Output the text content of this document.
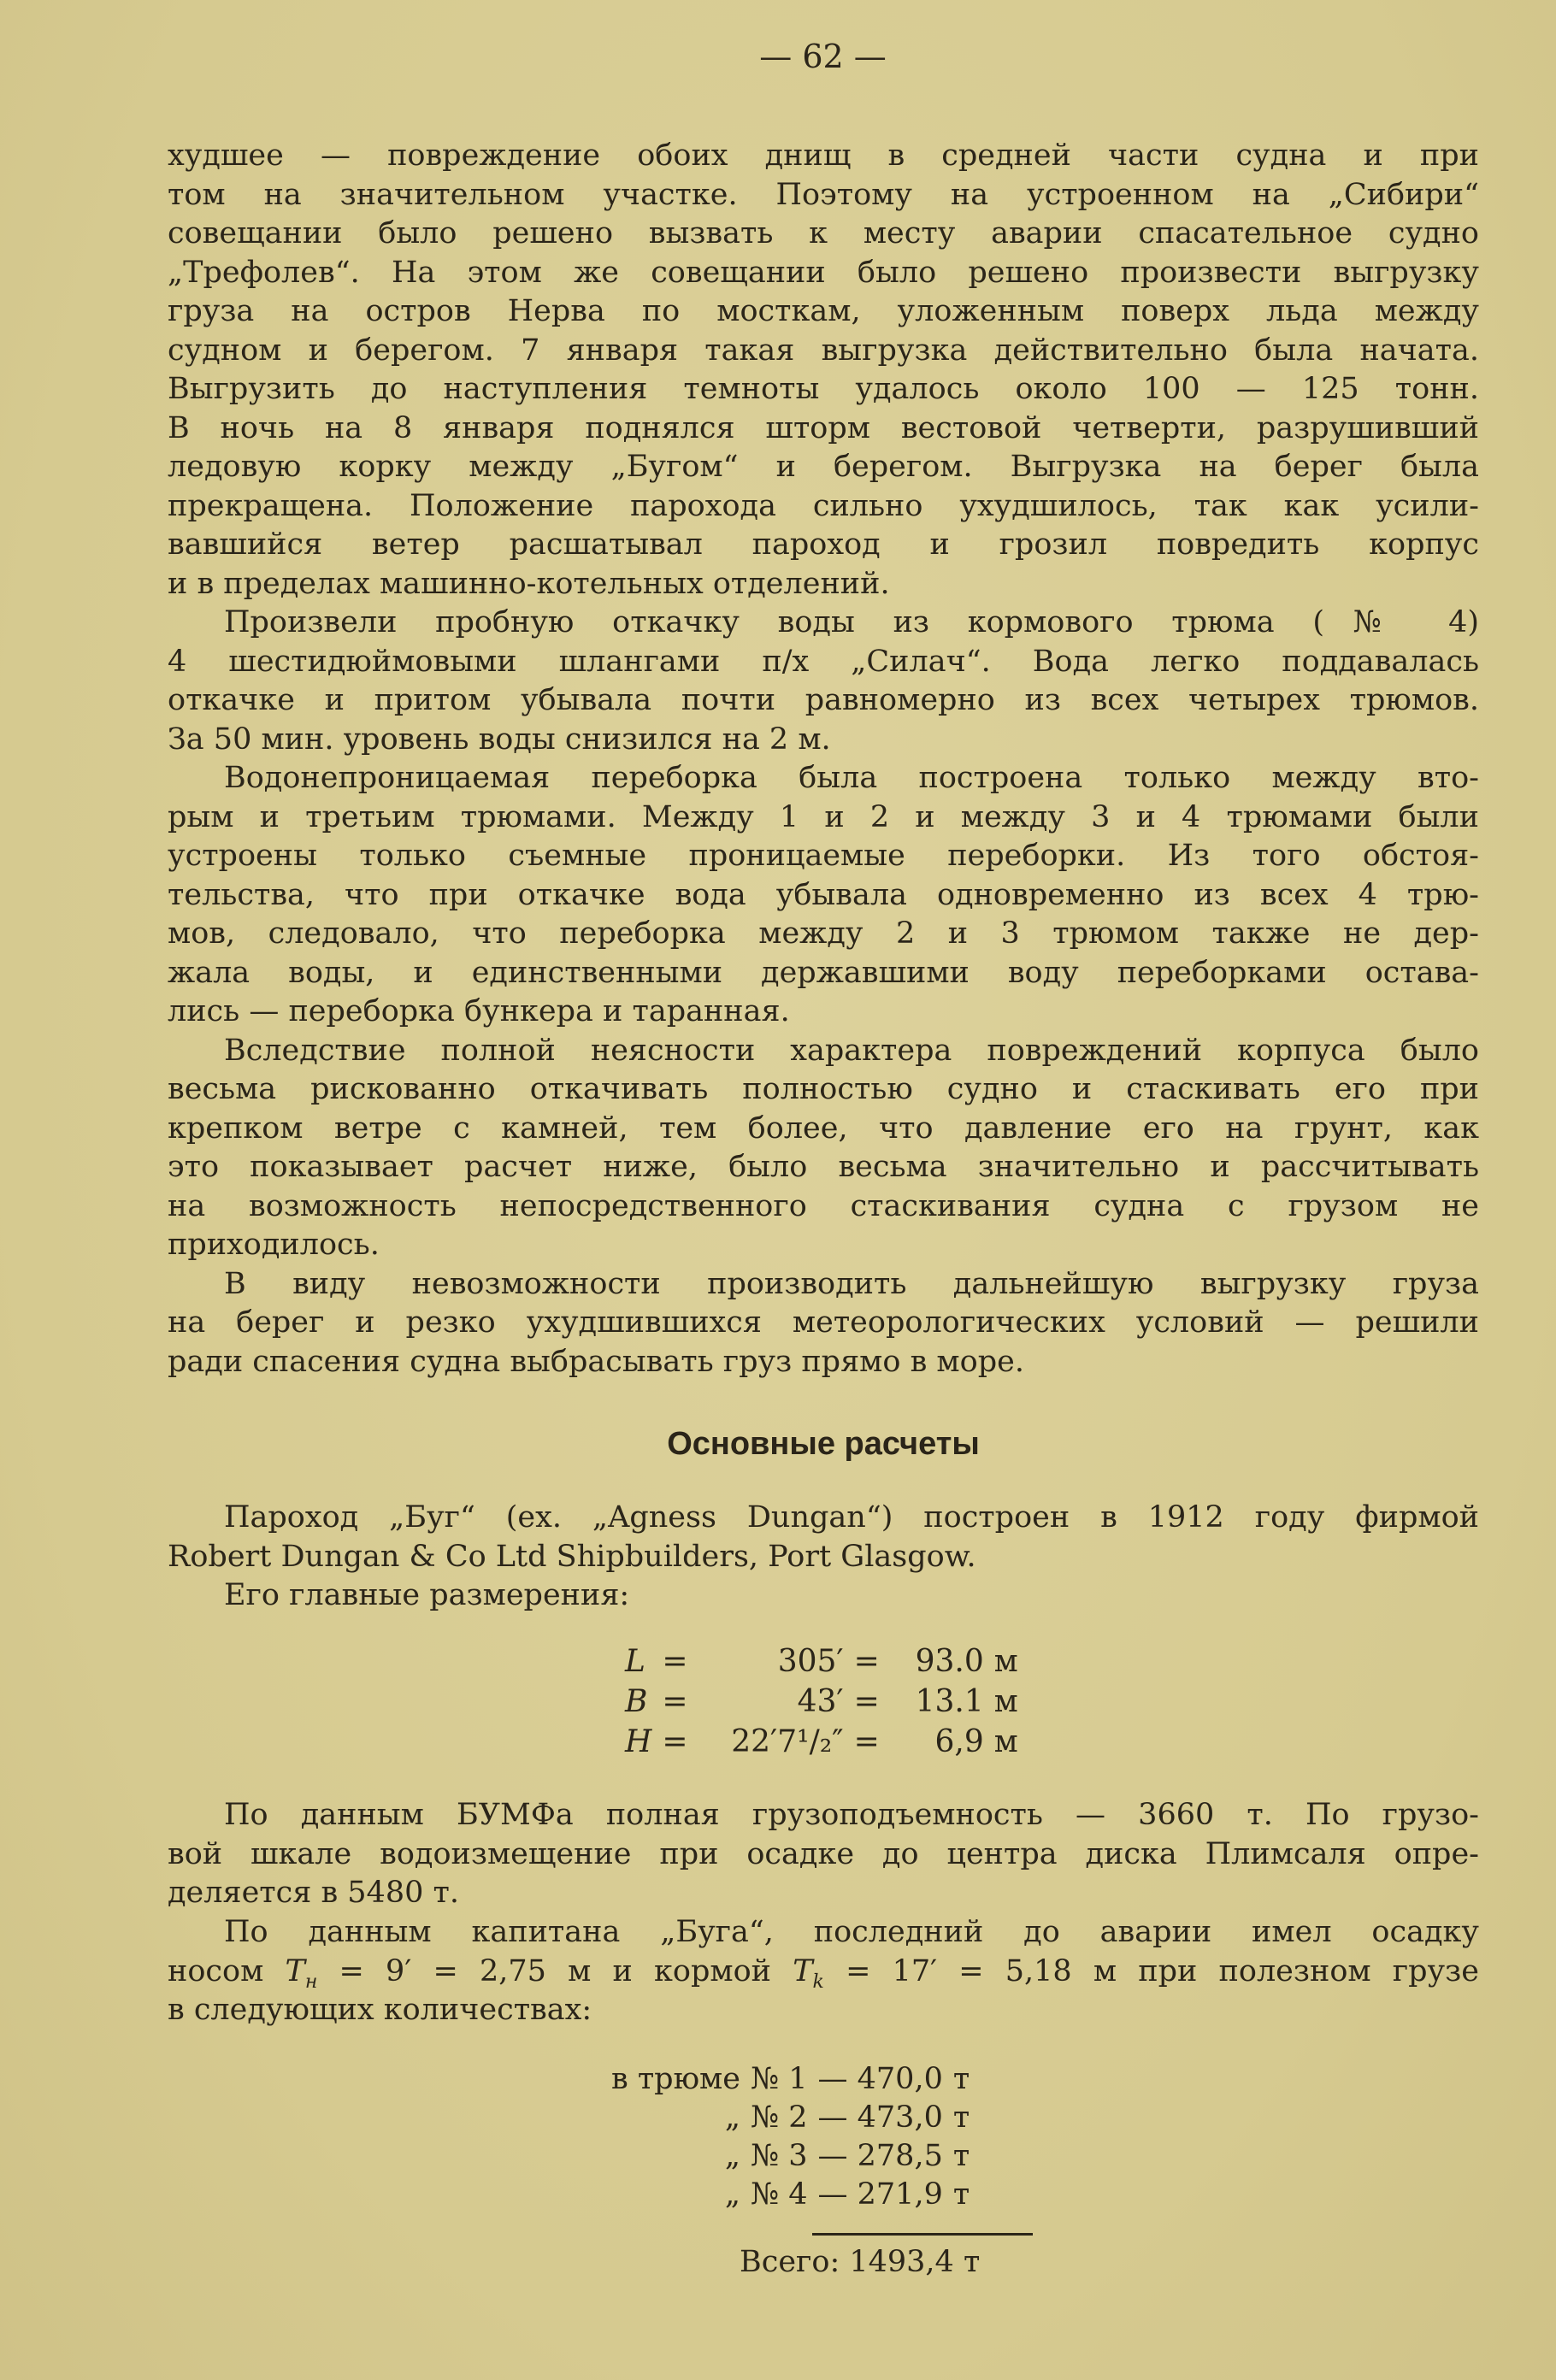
— 62 —
худшее — повреждение обоих днищ в средней части судна и при
том на значительном участке. Поэтому на устроенном на „Сибири“
совещании было решено вызвать к месту аварии спасательное судно
„Трефолев“. На этом же совещании было решено произвести выгрузку
груза на остров Нерва по мосткам, уложенным поверх льда между
судном и берегом. 7 января такая выгрузка действительно была начата.
Выгрузить до наступления темноты удалось около 100 — 125 тонн.
В ночь на 8 января поднялся шторм вестовой четверти, разрушивший
ледовую корку между „Бугом“ и берегом. Выгрузка на берег была
прекращена. Положение парохода сильно ухудшилось, так как усили-
вавшийся ветер расшатывал пароход и грозил повредить корпус
и в пределах машинно-котельных отделений.
Произвели пробную откачку воды из кормового трюма (№ 4)
4 шестидюймовыми шлангами п/х „Силач“. Вода легко поддавалась
откачке и притом убывала почти равномерно из всех четырех трюмов.
За 50 мин. уровень воды снизился на 2 м.
Водонепроницаемая переборка была построена только между вто-
рым и третьим трюмами. Между 1 и 2 и между 3 и 4 трюмами были
устроены только съемные проницаемые переборки. Из того обстоя-
тельства, что при откачке вода убывала одновременно из всех 4 трю-
мов, следовало, что переборка между 2 и 3 трюмом также не дер-
жала воды, и единственными державшими воду переборками остава-
лись — переборка бункера и таранная.
Вследствие полной неясности характера повреждений корпуса было
весьма рискованно откачивать полностью судно и стаскивать его при
крепком ветре с камней, тем более, что давление его на грунт, как
это показывает расчет ниже, было весьма значительно и рассчитывать
на возможность непосредственного стаскивания судна с грузом не
приходилось.
В виду невозможности производить дальнейшую выгрузку груза
на берег и резко ухудшившихся метеорологических условий — решили
ради спасения судна выбрасывать груз прямо в море.
Основные расчеты
Пароход „Буг“ (ех. „Agness Dungan“) построен в 1912 году фирмой
Robert Dungan & Co Ltd Shipbuilders, Port Glasgow.
Его главные размерения:
L	=	305′	=	93.0	м
B	=	43′	=	13.1	м
H	=	22′7¹/₂″	=	6,9	м
По данным БУМФа полная грузоподъемность — 3660 т. По грузо-
вой шкале водоизмещение при осадке до центра диска Плимсаля опре-
деляется в 5480 т.
По данным капитана „Буга“, последний до аварии имел осадку
носом $T_н = 9' = 2,75$ м и кормой $T_k = 17' = 5,18$ м при полезном грузе
в следующих количествах:
в трюме	№ 1	— 470,0	т
„	№ 2	— 473,0	т
„	№ 3	— 278,5	т
„	№ 4	— 271,9	т
Всего: 1493,4 т
